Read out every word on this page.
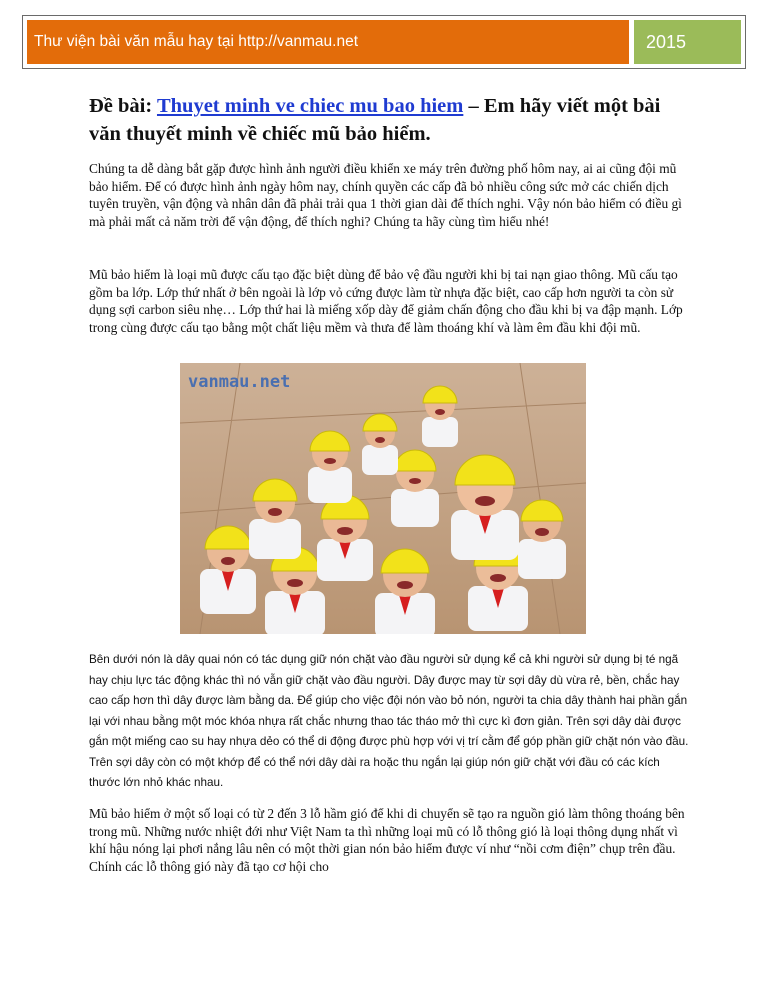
Thư viện bài văn mẫu hay tại http://vanmau.net	2015
Đề bài: Thuyet minh ve chiec mu bao hiem – Em hãy viết một bài văn thuyết minh về chiếc mũ bảo hiểm.

Chúng ta dễ dàng bắt gặp được hình ảnh người điều khiển xe máy trên đường phố hôm nay, ai ai cũng đội mũ bảo hiểm. Để có được hình ảnh ngày hôm nay, chính quyền các cấp đã bỏ nhiều công sức mở các chiến dịch tuyên truyền, vận động và nhân dân đã phải trải qua 1 thời gian dài để thích nghi. Vậy nón bảo hiểm có điều gì mà phải mất cả năm trời để vận động, để thích nghi? Chúng ta hãy cùng tìm hiểu nhé!

Mũ bảo hiểm là loại mũ được cấu tạo đặc biệt dùng để bảo vệ đầu người khi bị tai nạn giao thông. Mũ cấu tạo gồm ba lớp. Lớp thứ nhất ở bên ngoài là lớp vỏ cứng được làm từ nhựa đặc biệt, cao cấp hơn người ta còn sử dụng sợi carbon siêu nhẹ… Lớp thứ hai là miếng xốp dày để giảm chấn động cho đầu khi bị va đập mạnh. Lớp trong cùng được cấu tạo bằng một chất liệu mềm và thưa để làm thoáng khí và làm êm đầu khi đội mũ.

vanmau.net

Bên dưới nón là dây quai nón có tác dụng giữ nón chặt vào đầu người sử dụng kể cả khi người sử dụng bị té ngã hay chịu lực tác động khác thì nó vẫn giữ chặt vào đầu người. Dây được may từ sợi dây dù vừa rẻ, bền, chắc hay cao cấp hơn thì dây được làm bằng da. Để giúp cho việc đội nón vào bỏ nón, người ta chia dây thành hai phần gắn lại với nhau bằng một móc khóa nhựa rất chắc nhưng thao tác tháo mở thì cực kì đơn giản. Trên sợi dây dài được gắn một miếng cao su hay nhựa dẻo có thể di động được phù hợp với vị trí cằm để góp phần giữ chặt nón vào đầu. Trên sợi dây còn có một khớp để có thể nới dây dài ra hoặc thu ngắn lại giúp nón giữ chặt với đầu có các kích thước lớn nhỏ khác nhau.

Mũ bảo hiểm ở một số loại có từ 2 đến 3 lỗ hầm gió để khi di chuyển sẽ tạo ra nguồn gió làm thông thoáng bên trong mũ. Những nước nhiệt đới như Việt Nam ta thì những loại mũ có lỗ thông gió là loại thông dụng nhất vì khí hậu nóng lại phơi nắng lâu nên có một thời gian nón bảo hiểm được ví như “nồi cơm điện” chụp trên đầu. Chính các lỗ thông gió này đã tạo cơ hội cho
